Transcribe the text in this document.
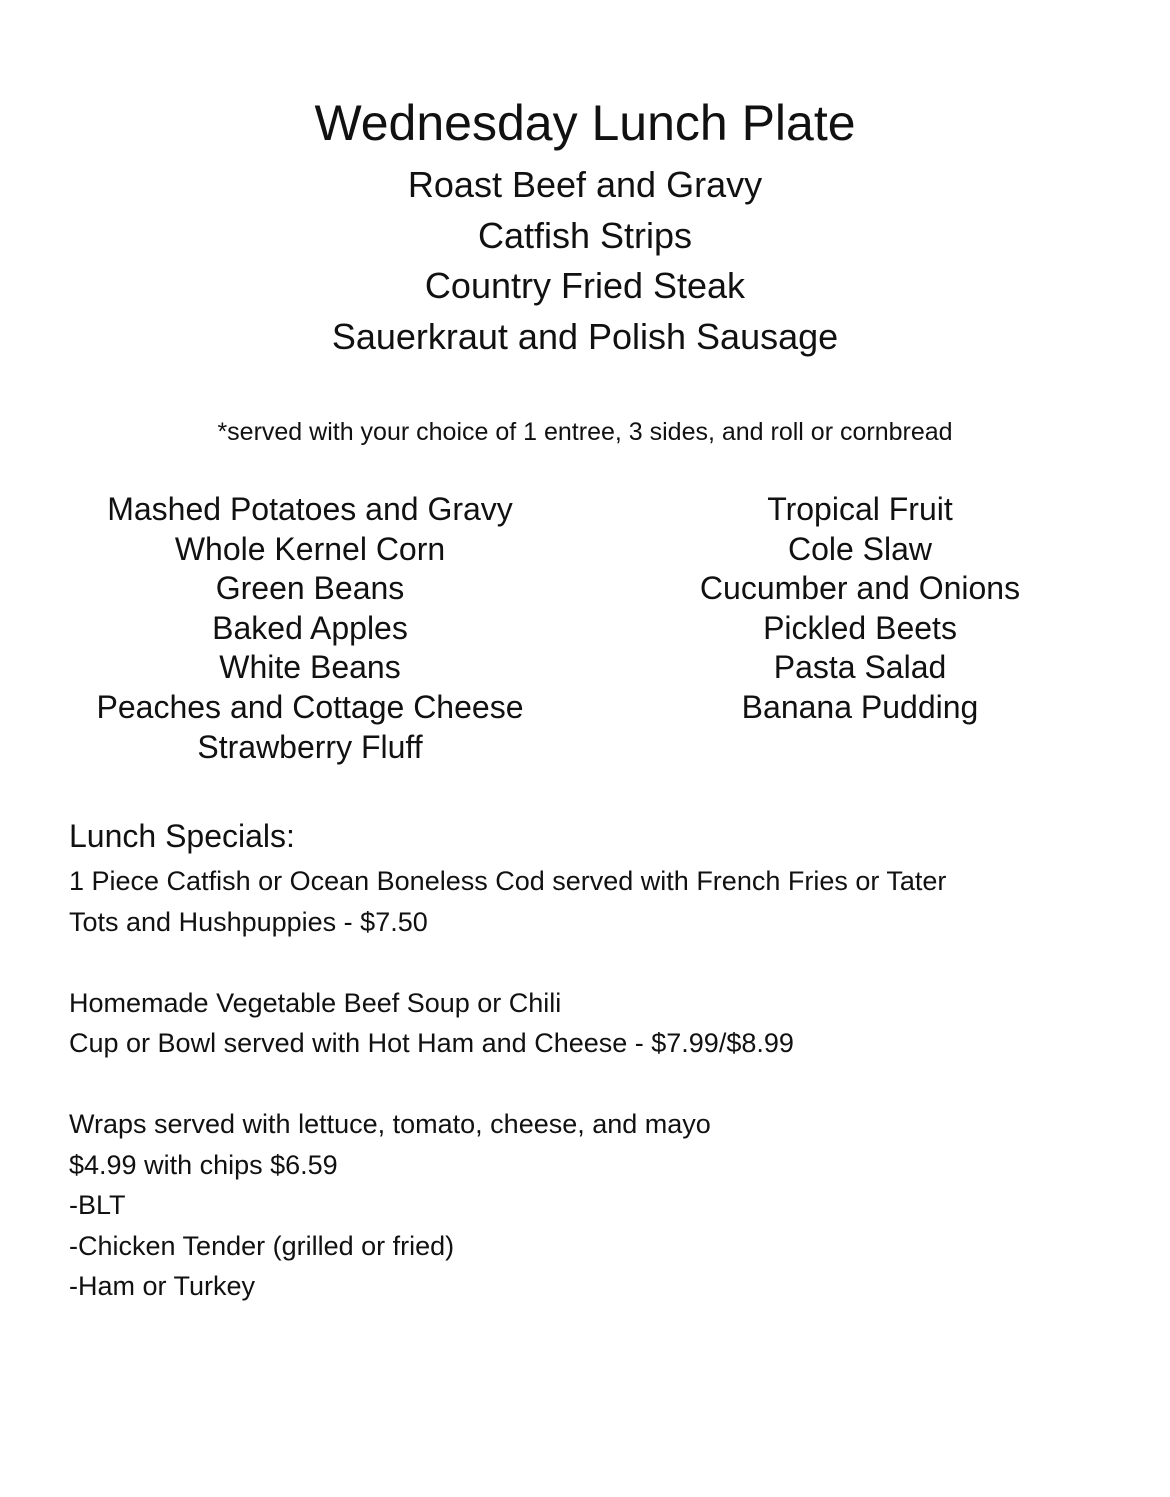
Wednesday Lunch Plate
Roast Beef and Gravy
Catfish Strips
Country Fried Steak
Sauerkraut and Polish Sausage
*served with your choice of 1 entree, 3 sides, and roll or cornbread
Mashed Potatoes and Gravy
Whole Kernel Corn
Green Beans
Baked Apples
White Beans
Peaches and Cottage Cheese
Strawberry Fluff
Tropical Fruit
Cole Slaw
Cucumber and Onions
Pickled Beets
Pasta Salad
Banana Pudding
Lunch Specials:
1 Piece Catfish or Ocean Boneless Cod served with French Fries or Tater
Tots and Hushpuppies - $7.50
Homemade Vegetable Beef Soup or Chili
Cup or Bowl served with Hot Ham and Cheese - $7.99/$8.99
Wraps served with lettuce, tomato, cheese, and mayo
$4.99 with chips $6.59
-BLT
-Chicken Tender (grilled or fried)
-Ham or Turkey
